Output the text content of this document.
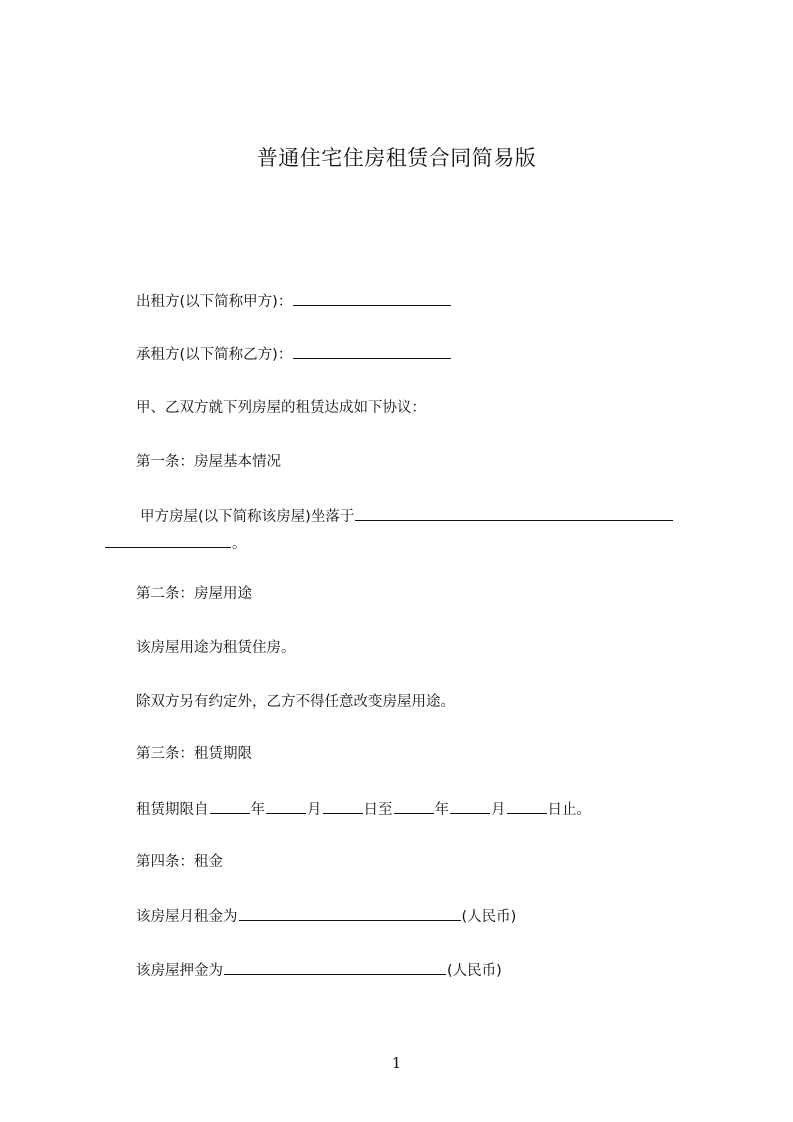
普通住宅住房租赁合同简易版
出租方(以下简称甲方)：
承租方(以下简称乙方)：
甲、乙双方就下列房屋的租赁达成如下协议：
第一条：房屋基本情况
甲方房屋(以下简称该房屋)坐落于
。
第二条：房屋用途
该房屋用途为租赁住房。
除双方另有约定外，乙方不得任意改变房屋用途。
第三条：租赁期限
租赁期限自	年	月	日至	年	月	日止。
第四条：租金
该房屋月租金为	(人民币)
该房屋押金为	(人民币)
1
